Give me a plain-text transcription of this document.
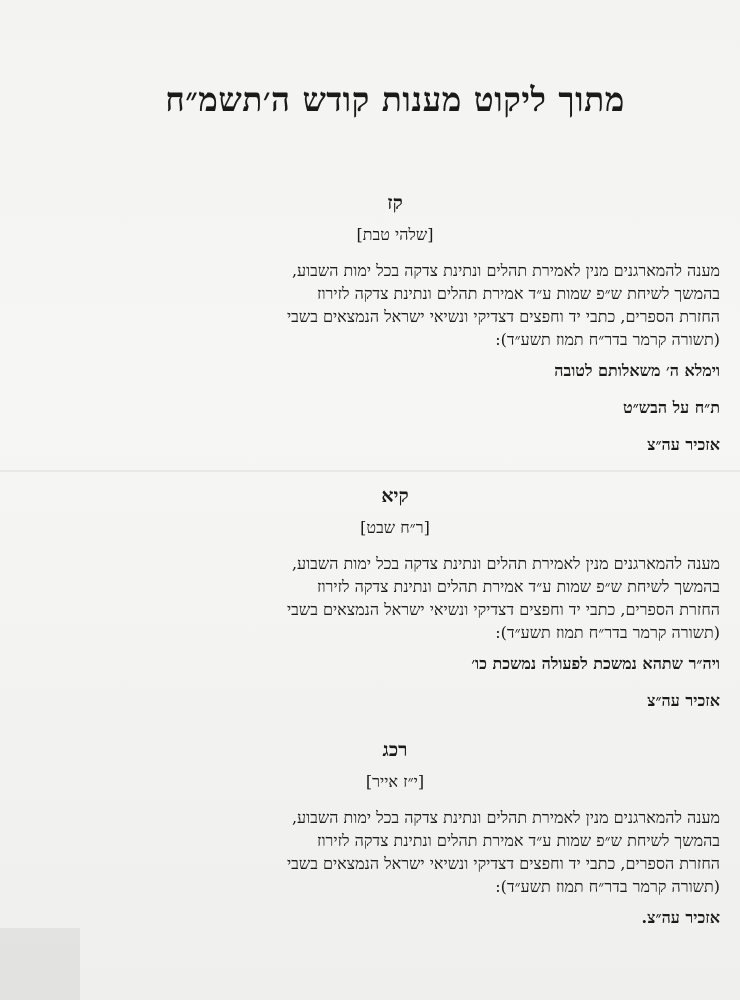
מתוך ליקוט מענות קודש ה׳תשמ״ח
קז
[שלהי טבת]
מענה להמארגנים מנין לאמירת תהלים ונתינת צדקה בכל ימות השבוע,
בהמשך לשיחת ש״פ שמות ע״ד אמירת תהלים ונתינת צדקה לזירוז
החזרת הספרים, כתבי יד וחפצים דצדיקי ונשיאי ישראל הנמצאים בשבי
(תשורה קרמר בדר״ח תמוז תשע״ד):
וימלא ה׳ משאלותם לטובה
ת״ח על הבש״ט
אזכיר עה״צ
קיא
[ר״ח שבט]
מענה להמארגנים מנין לאמירת תהלים ונתינת צדקה בכל ימות השבוע,
בהמשך לשיחת ש״פ שמות ע״ד אמירת תהלים ונתינת צדקה לזירוז
החזרת הספרים, כתבי יד וחפצים דצדיקי ונשיאי ישראל הנמצאים בשבי
(תשורה קרמר בדר״ח תמוז תשע״ד):
ויה״ר שתהא נמשכת לפעולה נמשכת כו׳
אזכיר עה״צ
רכג
[י״ז אייר]
מענה להמארגנים מנין לאמירת תהלים ונתינת צדקה בכל ימות השבוע,
בהמשך לשיחת ש״פ שמות ע״ד אמירת תהלים ונתינת צדקה לזירוז
החזרת הספרים, כתבי יד וחפצים דצדיקי ונשיאי ישראל הנמצאים בשבי
(תשורה קרמר בדר״ח תמוז תשע״ד):
אזכיר עה״צ.
